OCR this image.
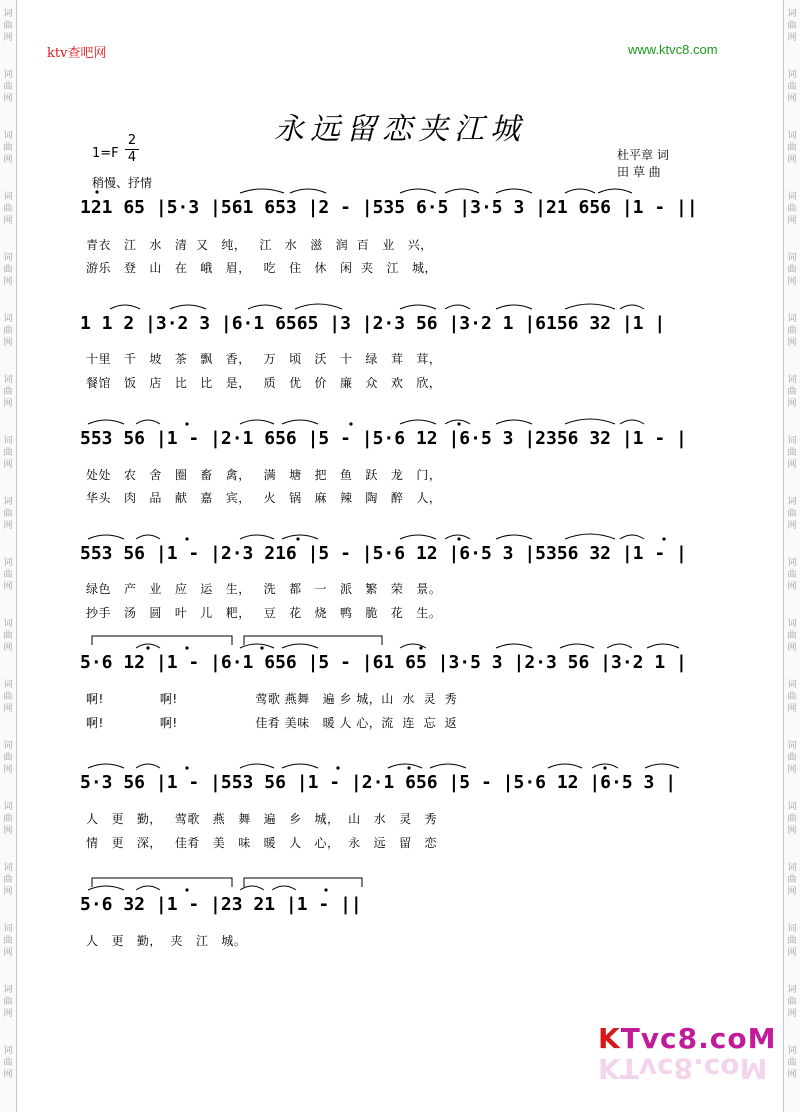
词
曲
网
词
曲
网
词
曲
网
词
曲
网
词
曲
网
词
曲
网
词
曲
网
词
曲
网
词
曲
网
词
曲
网
词
曲
网
词
曲
网
词
曲
网
词
曲
网
词
曲
网
词
曲
网
词
曲
网
词
曲
网
词
曲
网
词
曲
网
词
曲
网
词
曲
网
词
曲
网
词
曲
网
词
曲
网
词
曲
网
词
曲
网
词
曲
网
词
曲
网
词
曲
网
词
曲
网
词
曲
网
词
曲
网
词
曲
网
词
曲
网
词
曲
网
ktv查吧网	www.ktvc8.com
永远留恋夹江城
1=F
2
4
稍慢、抒情
杜平章 词
田 草 曲
121 65 |5·3 |561 653 |2 - |535 6·5 |3·5 3 |21 656 |1 - ||
青衣   江   水   清  又   纯，   江   水   滋   润  百   业   兴，
游乐   登   山   在   峨   眉，   吃   住   休   闲  夹   江   城，
1 1 2 |3·2 3 |6·1 6565 |3 |2·3 56 |3·2 1 |6156 32 |1 |
十里   千   坡   茶   飘   香，   万   顷   沃   十   绿   茸   茸，
餐馆   饭   店   比   比   是，   质   优   价   廉   众   欢   欣，
553 56 |1 - |2·1 656 |5 - |5·6 12 |6·5 3 |2356 32 |1 - |
处处   农   舍   圈   畜   禽，   满   塘   把   鱼   跃   龙   门，
华头   肉   品   献   嘉   宾，   火   锅   麻   辣   陶   醉   人，
553 56 |1 - |2·3 216 |5 - |5·6 12 |6·5 3 |5356 32 |1 - |
绿色   产   业   应   运   生，   洗   都   一   派   繁   荣   景。
抄手   汤   圆   叶   儿   粑，   豆   花   烧   鸭   脆   花   生。
5·6 12 |1 - |6·1 656 |5 - |61 65 |3·5 3 |2·3 56 |3·2 1 |
啊!             啊!                  莺歌 燕舞   遍 乡 城，山  水  灵  秀
啊!             啊!                  佳肴 美味   暖 人 心，流  连  忘  返
5·3 56 |1 - |553 56 |1 - |2·1 656 |5 - |5·6 12 |6·5 3 |
人   更   勤，   莺歌   燕   舞   遍   乡   城，  山   水   灵   秀
情   更   深，   佳肴   美   味   暖   人   心，  永   远   留   恋
5·6 32 |1 - |23 21 |1 - ||
人   更   勤，  夹   江   城。
KTvc8.coM
KTvc8.coM
